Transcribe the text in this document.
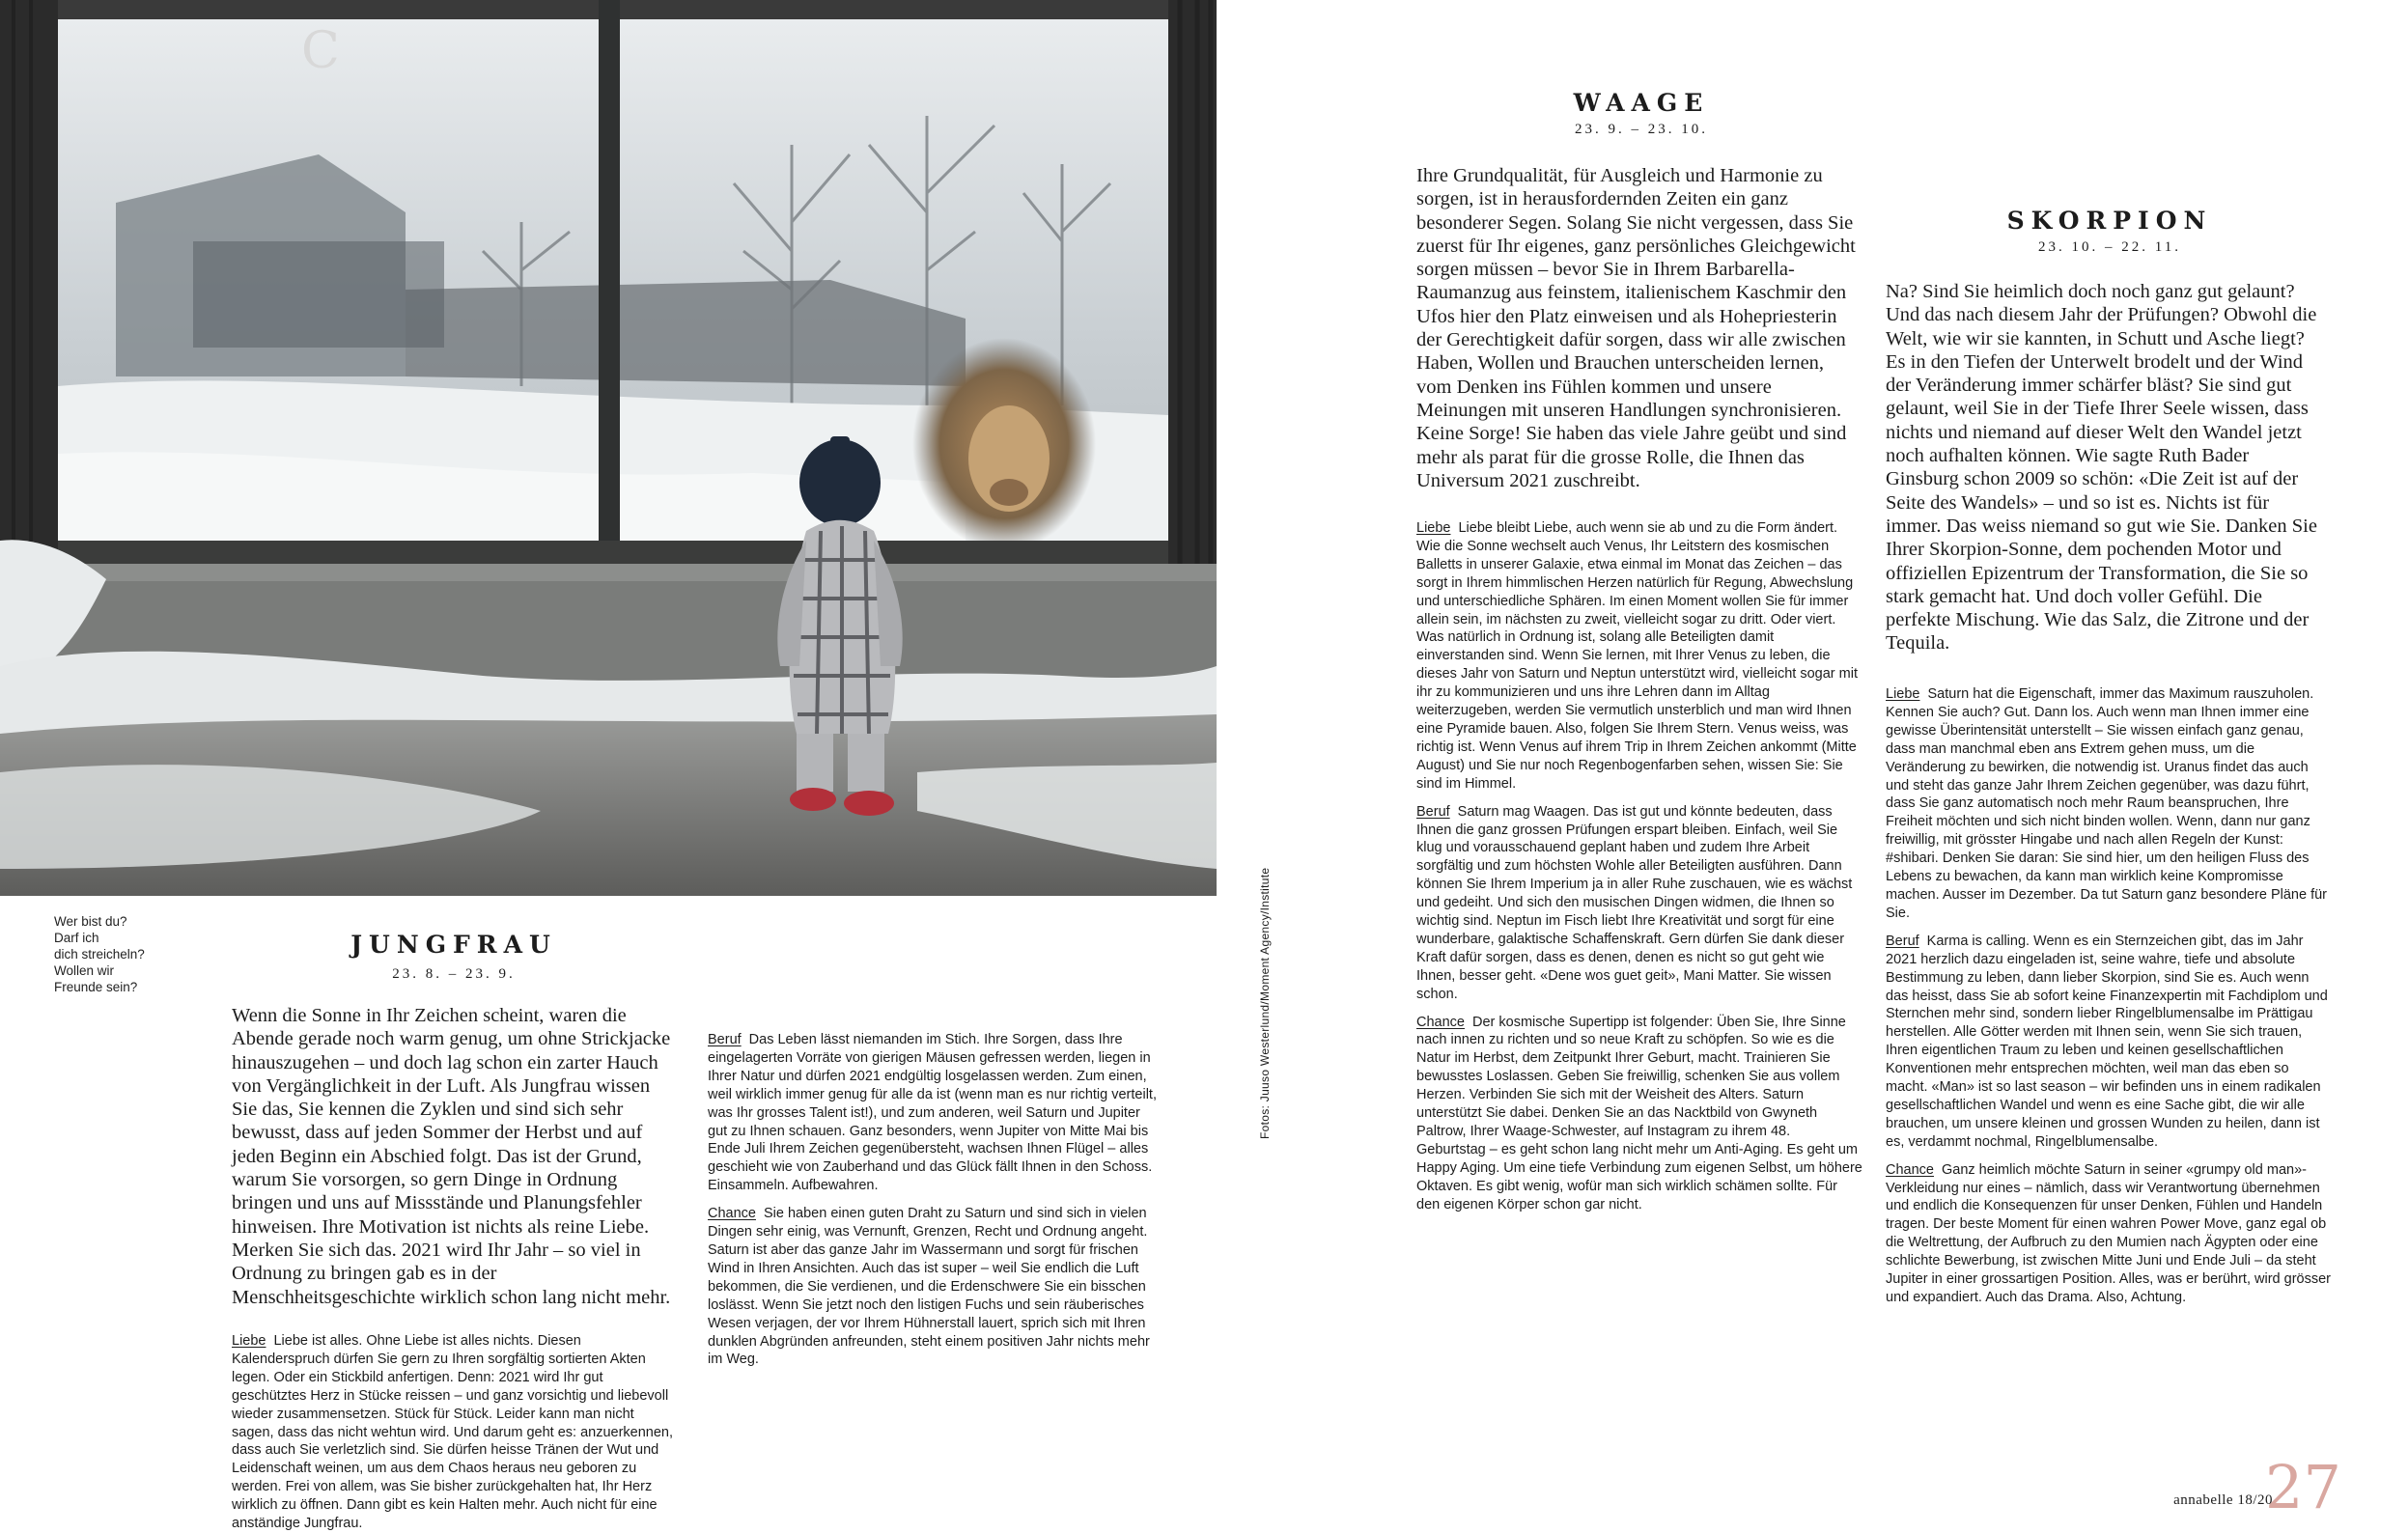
C
Wer bist du?
Darf ich
dich streicheln?
Wollen wir
Freunde sein?
JUNGFRAU
23. 8. – 23. 9.
Wenn die Sonne in Ihr Zeichen scheint, waren die Abende gerade noch warm genug, um ohne Strickjacke hinauszugehen – und doch lag schon ein zarter Hauch von Vergänglichkeit in der Luft. Als Jungfrau wissen Sie das, Sie kennen die Zyklen und sind sich sehr bewusst, dass auf jeden Sommer der Herbst und auf jeden Beginn ein Abschied folgt. Das ist der Grund, warum Sie vorsorgen, so gern Dinge in Ordnung bringen und uns auf Missstände und Planungsfehler hinweisen. Ihre Motivation ist nichts als reine Liebe. Merken Sie sich das. 2021 wird Ihr Jahr – so viel in Ordnung zu bringen gab es in der Menschheitsgeschichte wirklich schon lang nicht mehr.

Liebe Liebe ist alles. Ohne Liebe ist alles nichts. Diesen Kalenderspruch dürfen Sie gern zu Ihren sorgfältig sortierten Akten legen. Oder ein Stickbild anfertigen. Denn: 2021 wird Ihr gut geschütztes Herz in Stücke reissen – und ganz vorsichtig und liebevoll wieder zusammensetzen. Stück für Stück. Leider kann man nicht sagen, dass das nicht wehtun wird. Und darum geht es: anzuerkennen, dass auch Sie verletzlich sind. Sie dürfen heisse Tränen der Wut und Leidenschaft weinen, um aus dem Chaos heraus neu geboren zu werden. Frei von allem, was Sie bisher zurückgehalten hat, Ihr Herz wirklich zu öffnen. Dann gibt es kein Halten mehr. Auch nicht für eine anständige Jungfrau.

Beruf Das Leben lässt niemanden im Stich. Ihre Sorgen, dass Ihre eingelagerten Vorräte von gierigen Mäusen gefressen werden, liegen in Ihrer Natur und dürfen 2021 endgültig losgelassen werden. Zum einen, weil wirklich immer genug für alle da ist (wenn man es nur richtig verteilt, was Ihr grosses Talent ist!), und zum anderen, weil Saturn und Jupiter gut zu Ihnen schauen. Ganz besonders, wenn Jupiter von Mitte Mai bis Ende Juli Ihrem Zeichen gegenübersteht, wachsen Ihnen Flügel – alles geschieht wie von Zauberhand und das Glück fällt Ihnen in den Schoss. Einsammeln. Aufbewahren.

Chance Sie haben einen guten Draht zu Saturn und sind sich in vielen Dingen sehr einig, was Vernunft, Grenzen, Recht und Ordnung angeht. Saturn ist aber das ganze Jahr im Wassermann und sorgt für frischen Wind in Ihren Ansichten. Auch das ist super – weil Sie endlich die Luft bekommen, die Sie verdienen, und die Erdenschwere Sie ein bisschen loslässt. Wenn Sie jetzt noch den listigen Fuchs und sein räuberisches Wesen verjagen, der vor Ihrem Hühnerstall lauert, sprich sich mit Ihren dunklen Abgründen anfreunden, steht einem positiven Jahr nichts mehr im Weg.

Fotos: Juuso Westerlund/Moment Agency/Institute
WAAGE
23. 9. – 23. 10.
Ihre Grundqualität, für Ausgleich und Harmonie zu sorgen, ist in herausfordernden Zeiten ein ganz besonderer Segen. Solang Sie nicht vergessen, dass Sie zuerst für Ihr eigenes, ganz persönliches Gleichgewicht sorgen müssen – bevor Sie in Ihrem Barbarella-Raumanzug aus feinstem, italienischem Kaschmir den Ufos hier den Platz einweisen und als Hohepriesterin der Gerechtigkeit dafür sorgen, dass wir alle zwischen Haben, Wollen und Brauchen unterscheiden lernen, vom Denken ins Fühlen kommen und unsere Meinungen mit unseren Handlungen synchronisieren. Keine Sorge! Sie haben das viele Jahre geübt und sind mehr als parat für die grosse Rolle, die Ihnen das Universum 2021 zuschreibt.

Liebe Liebe bleibt Liebe, auch wenn sie ab und zu die Form ändert. Wie die Sonne wechselt auch Venus, Ihr Leitstern des kosmischen Balletts in unserer Galaxie, etwa einmal im Monat das Zeichen – das sorgt in Ihrem himmlischen Herzen natürlich für Regung, Abwechslung und unterschiedliche Sphären. Im einen Moment wollen Sie für immer allein sein, im nächsten zu zweit, vielleicht sogar zu dritt. Oder viert. Was natürlich in Ordnung ist, solang alle Beteiligten damit einverstanden sind. Wenn Sie lernen, mit Ihrer Venus zu leben, die dieses Jahr von Saturn und Neptun unterstützt wird, vielleicht sogar mit ihr zu kommunizieren und uns ihre Lehren dann im Alltag weiterzugeben, werden Sie vermutlich unsterblich und man wird Ihnen eine Pyramide bauen. Also, folgen Sie Ihrem Stern. Venus weiss, was richtig ist. Wenn Venus auf ihrem Trip in Ihrem Zeichen ankommt (Mitte August) und Sie nur noch Regenbogenfarben sehen, wissen Sie: Sie sind im Himmel.

Beruf Saturn mag Waagen. Das ist gut und könnte bedeuten, dass Ihnen die ganz grossen Prüfungen erspart bleiben. Einfach, weil Sie klug und vorausschauend geplant haben und zudem Ihre Arbeit sorgfältig und zum höchsten Wohle aller Beteiligten ausführen. Dann können Sie Ihrem Imperium ja in aller Ruhe zuschauen, wie es wächst und gedeiht. Und sich den musischen Dingen widmen, die Ihnen so wichtig sind. Neptun im Fisch liebt Ihre Kreativität und sorgt für eine wunderbare, galaktische Schaffenskraft. Gern dürfen Sie dank dieser Kraft dafür sorgen, dass es denen, denen es nicht so gut geht wie Ihnen, besser geht. «Dene wos guet geit», Mani Matter. Sie wissen schon.

Chance Der kosmische Supertipp ist folgender: Üben Sie, Ihre Sinne nach innen zu richten und so neue Kraft zu schöpfen. So wie es die Natur im Herbst, dem Zeitpunkt Ihrer Geburt, macht. Trainieren Sie bewusstes Loslassen. Geben Sie freiwillig, schenken Sie aus vollem Herzen. Verbinden Sie sich mit der Weisheit des Alters. Saturn unterstützt Sie dabei. Denken Sie an das Nacktbild von Gwyneth Paltrow, Ihrer Waage-Schwester, auf Instagram zu ihrem 48. Geburtstag – es geht schon lang nicht mehr um Anti-Aging. Es geht um Happy Aging. Um eine tiefe Verbindung zum eigenen Selbst, um höhere Oktaven. Es gibt wenig, wofür man sich wirklich schämen sollte. Für den eigenen Körper schon gar nicht.

SKORPION
23. 10. – 22. 11.
Na? Sind Sie heimlich doch noch ganz gut gelaunt? Und das nach diesem Jahr der Prüfungen? Obwohl die Welt, wie wir sie kannten, in Schutt und Asche liegt? Es in den Tiefen der Unterwelt brodelt und der Wind der Veränderung immer schärfer bläst? Sie sind gut gelaunt, weil Sie in der Tiefe Ihrer Seele wissen, dass nichts und niemand auf dieser Welt den Wandel jetzt noch aufhalten können. Wie sagte Ruth Bader Ginsburg schon 2009 so schön: «Die Zeit ist auf der Seite des Wandels» – und so ist es. Nichts ist für immer. Das weiss niemand so gut wie Sie. Danken Sie Ihrer Skorpion-Sonne, dem pochenden Motor und offiziellen Epizentrum der Transformation, die Sie so stark gemacht hat. Und doch voller Gefühl. Die perfekte Mischung. Wie das Salz, die Zitrone und der Tequila.

Liebe Saturn hat die Eigenschaft, immer das Maximum rauszuholen. Kennen Sie auch? Gut. Dann los. Auch wenn man Ihnen immer eine gewisse Überintensität unterstellt – Sie wissen einfach ganz genau, dass man manchmal eben ans Extrem gehen muss, um die Veränderung zu bewirken, die notwendig ist. Uranus findet das auch und steht das ganze Jahr Ihrem Zeichen gegenüber, was dazu führt, dass Sie ganz automatisch noch mehr Raum beanspruchen, Ihre Freiheit möchten und sich nicht binden wollen. Wenn, dann nur ganz freiwillig, mit grösster Hingabe und nach allen Regeln der Kunst: #shibari. Denken Sie daran: Sie sind hier, um den heiligen Fluss des Lebens zu bewachen, da kann man wirklich keine Kompromisse machen. Ausser im Dezember. Da tut Saturn ganz besondere Pläne für Sie.

Beruf Karma is calling. Wenn es ein Sternzeichen gibt, das im Jahr 2021 herzlich dazu eingeladen ist, seine wahre, tiefe und absolute Bestimmung zu leben, dann lieber Skorpion, sind Sie es. Auch wenn das heisst, dass Sie ab sofort keine Finanzexpertin mit Fachdiplom und Sternchen mehr sind, sondern lieber Ringelblumensalbe im Prättigau herstellen. Alle Götter werden mit Ihnen sein, wenn Sie sich trauen, Ihren eigentlichen Traum zu leben und keinen gesellschaftlichen Konventionen mehr entsprechen möchten, weil man das eben so macht. «Man» ist so last season – wir befinden uns in einem radikalen gesellschaftlichen Wandel und wenn es eine Sache gibt, die wir alle brauchen, um unsere kleinen und grossen Wunden zu heilen, dann ist es, verdammt nochmal, Ringelblumensalbe.

Chance Ganz heimlich möchte Saturn in seiner «grumpy old man»-Verkleidung nur eines – nämlich, dass wir Verantwortung übernehmen und endlich die Konsequenzen für unser Denken, Fühlen und Handeln tragen. Der beste Moment für einen wahren Power Move, ganz egal ob die Weltrettung, der Aufbruch zu den Mumien nach Ägypten oder eine schlichte Bewerbung, ist zwischen Mitte Juni und Ende Juli – da steht Jupiter in einer grossartigen Position. Alles, was er berührt, wird grösser und expandiert. Auch das Drama. Also, Achtung.

annabelle 18/20
27
